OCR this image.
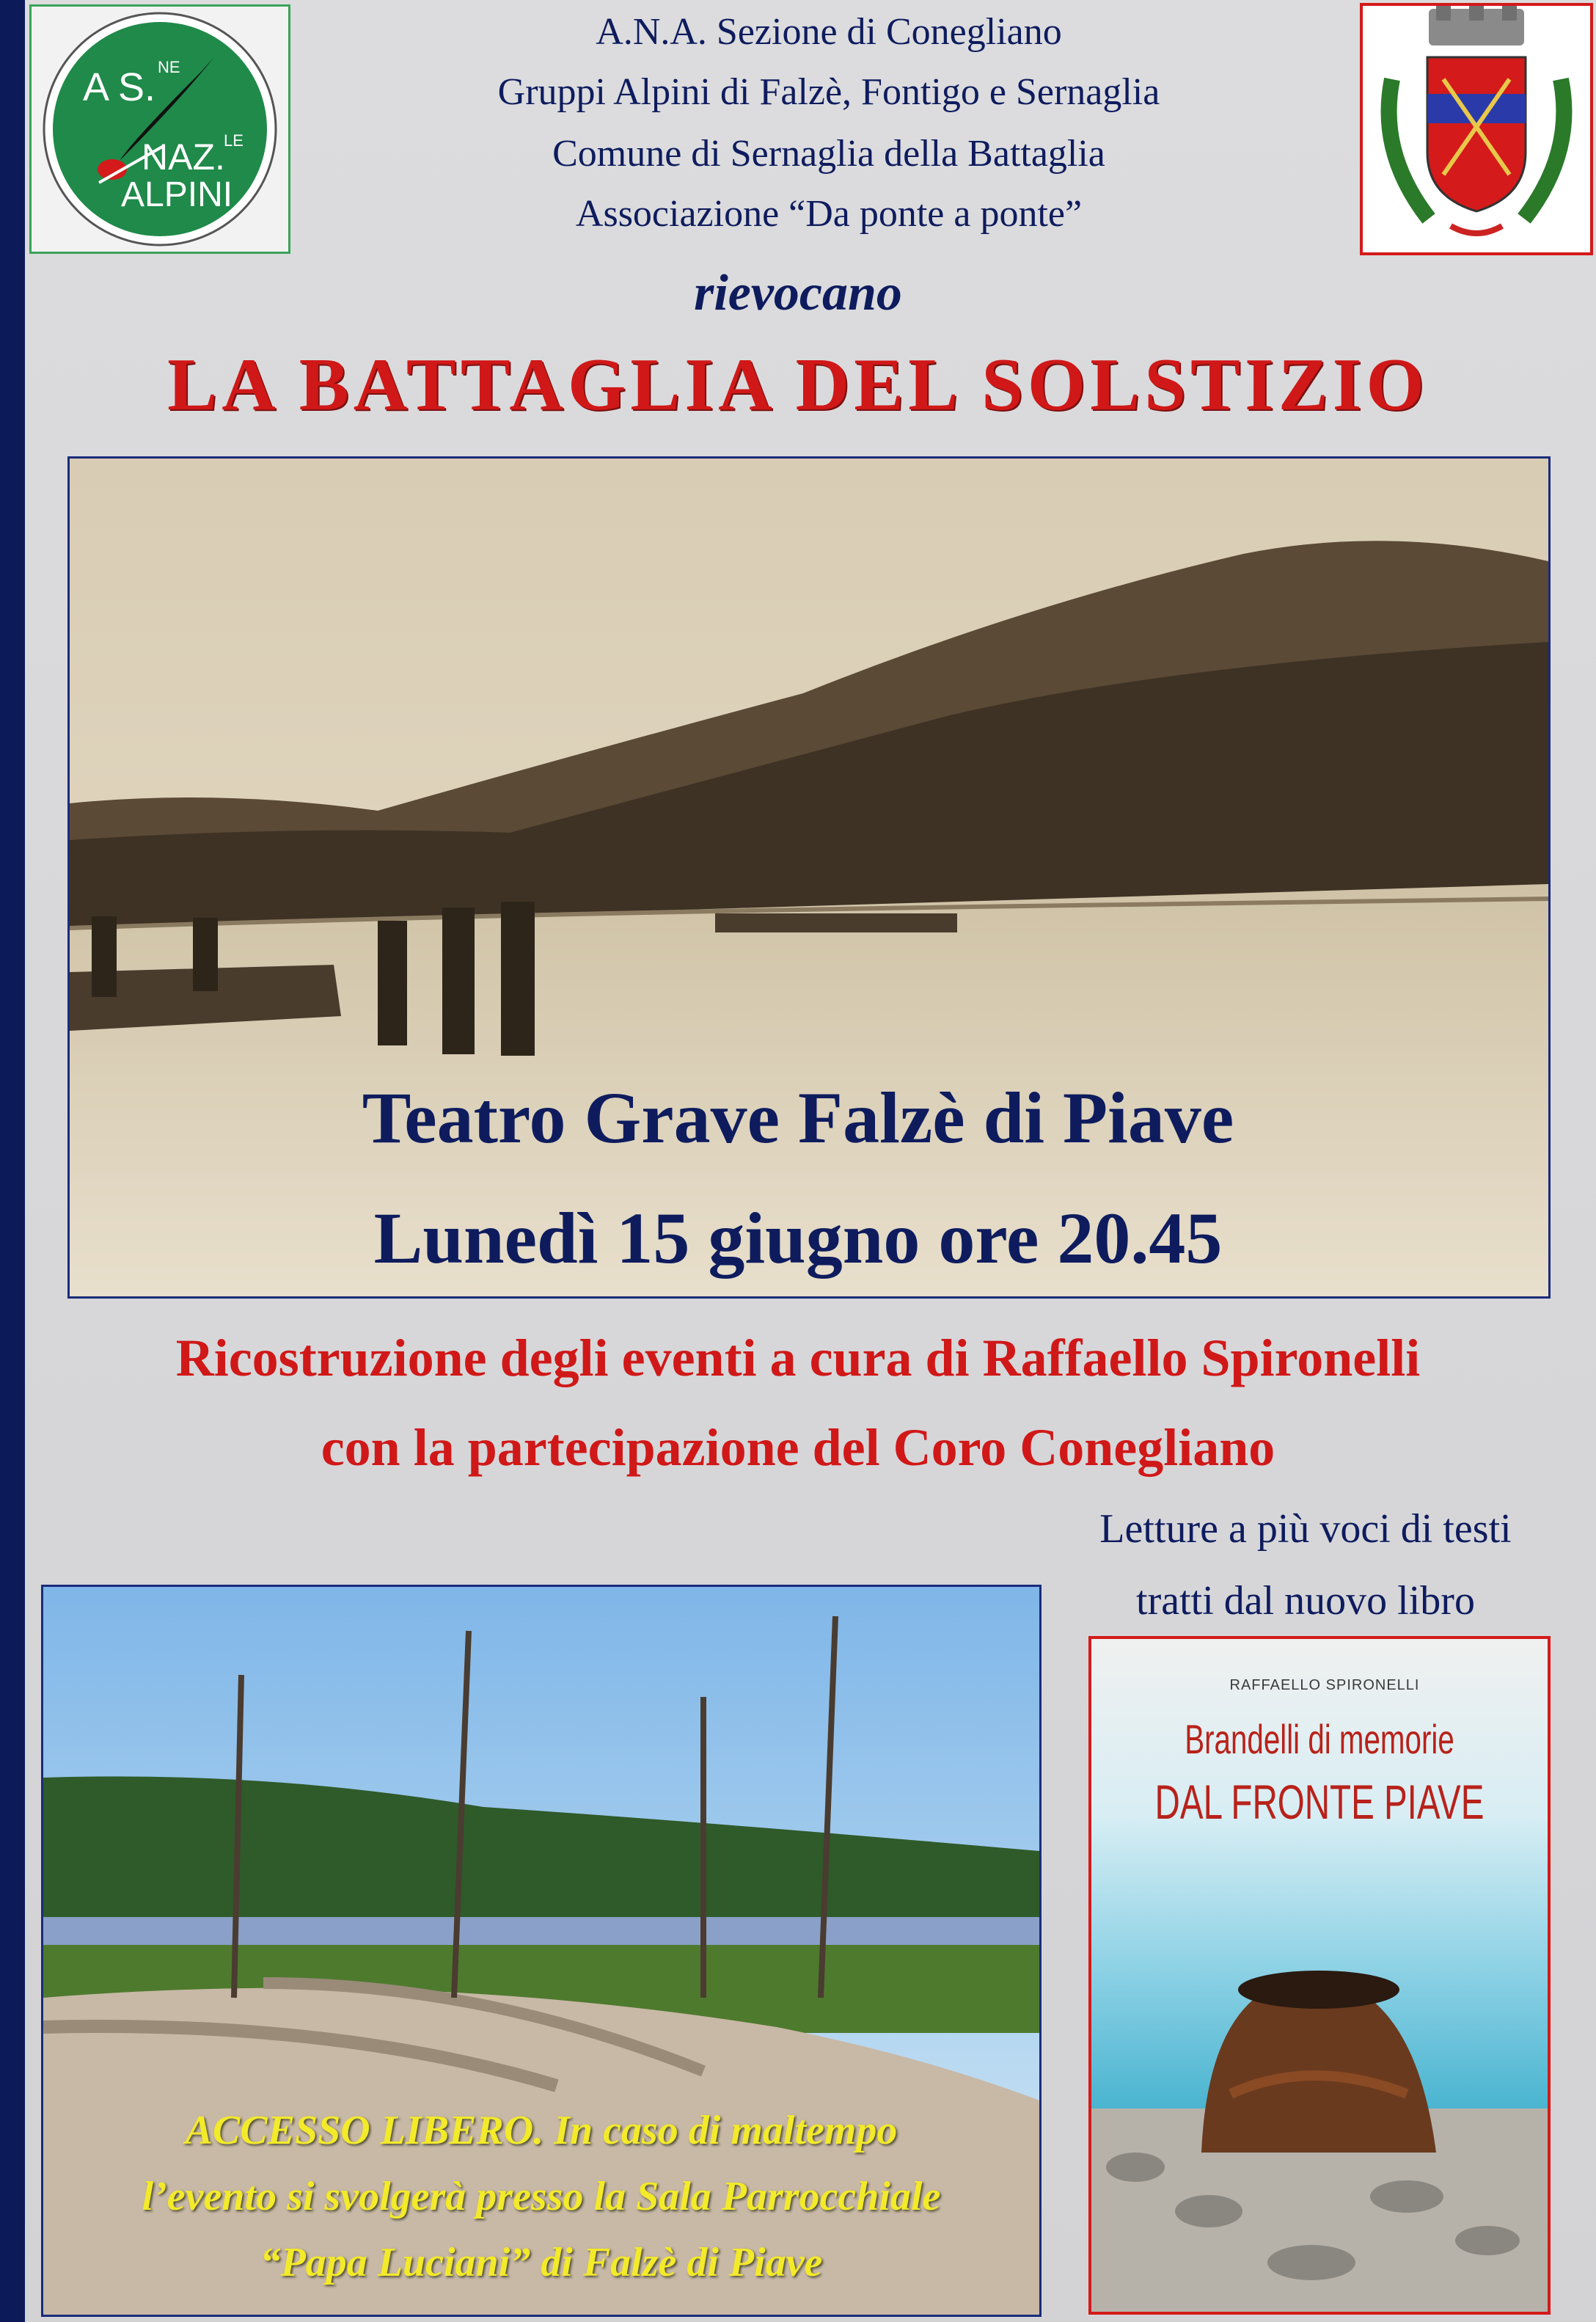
A S. NE
LE
NAZ.
ALPINI
A.N.A. Sezione di Conegliano
Gruppi Alpini di Falzè, Fontigo e Sernaglia
Comune di Sernaglia della Battaglia
Associazione “Da ponte a ponte”
rievocano
LA BATTAGLIA DEL SOLSTIZIO
Teatro Grave Falzè di Piave
Lunedì 15 giugno ore 20.45
Ricostruzione degli eventi a cura di Raffaello Spironelli
con la partecipazione del Coro Conegliano
Letture a più voci di testi
tratti dal nuovo libro
ACCESSO LIBERO. In caso di maltempo
l’evento si svolgerà presso la Sala Parrocchiale
“Papa Luciani” di Falzè di Piave
RAFFAELLO SPIRONELLI
Brandelli di memorie
DAL FRONTE PIAVE
